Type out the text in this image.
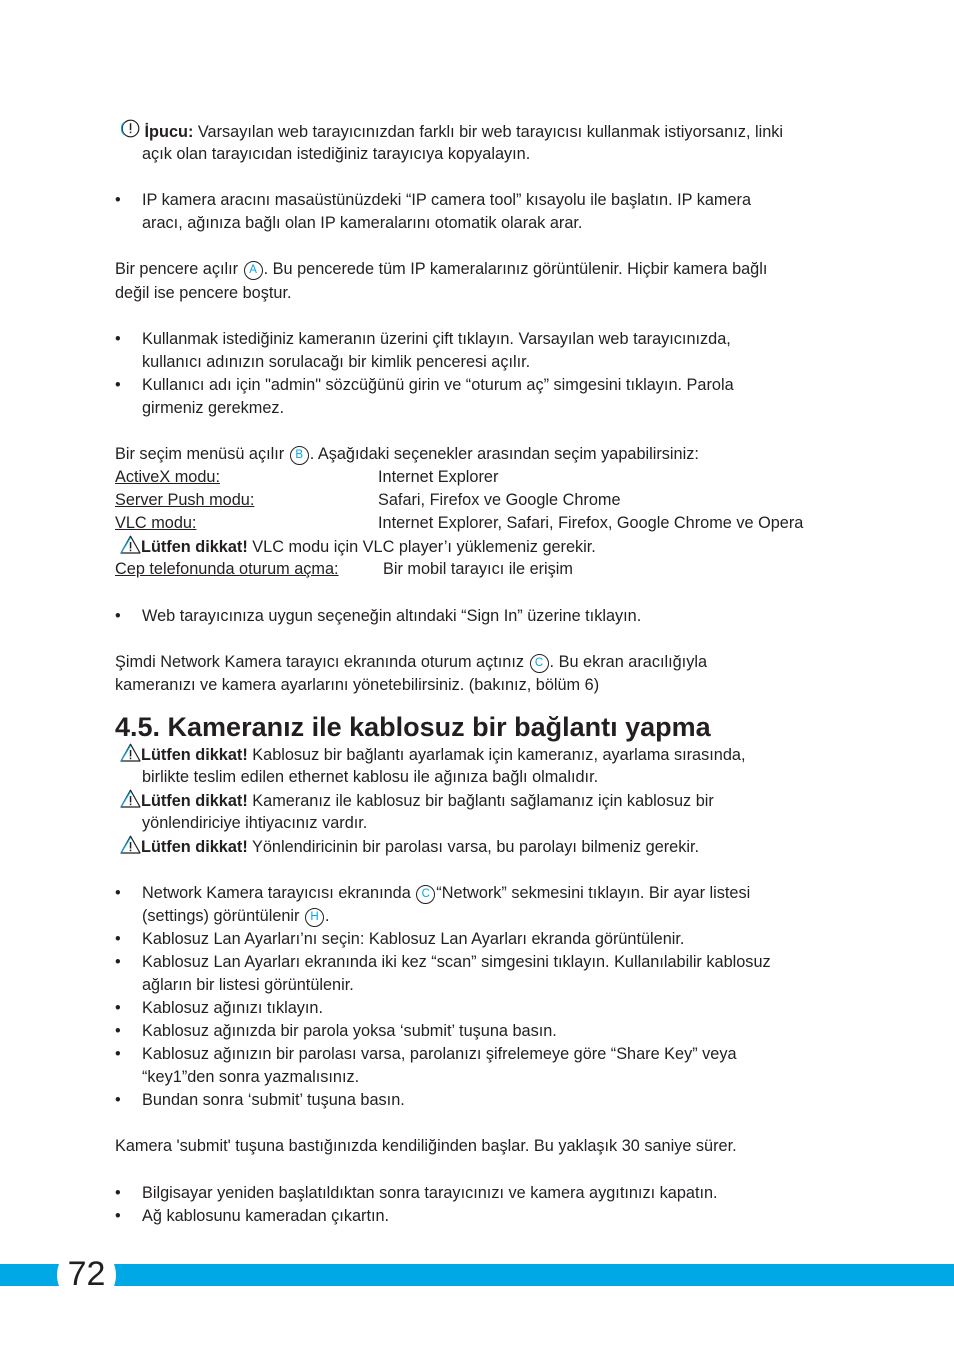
İpucu: Varsayılan web tarayıcınızdan farklı bir web tarayıcısı kullanmak istiyorsanız, linki
açık olan tarayıcıdan istediğiniz tarayıcıya kopyalayın.
• IP kamera aracını masaüstünüzdeki “IP camera tool” kısayolu ile başlatın. IP kamera
aracı, ağınıza bağlı olan IP kameralarını otomatik olarak arar.
Bir pencere açılır A . Bu pencerede tüm IP kameralarınız görüntülenir. Hiçbir kamera bağlı
değil ise pencere boştur.
• Kullanmak istediğiniz kameranın üzerini çift tıklayın. Varsayılan web tarayıcınızda,
kullanıcı adınızın sorulacağı bir kimlik penceresi açılır.
• Kullanıcı adı için "admin" sözcüğünü girin ve “oturum aç” simgesini tıklayın. Parola
girmeniz gerekmez.
Bir seçim menüsü açılır B . Aşağıdaki seçenekler arasından seçim yapabilirsiniz:
ActiveX modu:	Internet Explorer
Server Push modu:	Safari, Firefox ve Google Chrome
VLC modu:	Internet Explorer, Safari, Firefox, Google Chrome ve Opera
Lütfen dikkat! VLC modu için VLC player’ı yüklemeniz gerekir.
Cep telefonunda oturum açma:	Bir mobil tarayıcı ile erişim
• Web tarayıcınıza uygun seçeneğin altındaki “Sign In” üzerine tıklayın.
Şimdi Network Kamera tarayıcı ekranında oturum açtınız C . Bu ekran aracılığıyla
kameranızı ve kamera ayarlarını yönetebilirsiniz. (bakınız, bölüm 6)
4.5. Kameranız ile kablosuz bir bağlantı yapma
Lütfen dikkat! Kablosuz bir bağlantı ayarlamak için kameranız, ayarlama sırasında,
birlikte teslim edilen ethernet kablosu ile ağınıza bağlı olmalıdır.
Lütfen dikkat! Kameranız ile kablosuz bir bağlantı sağlamanız için kablosuz bir
yönlendiriciye ihtiyacınız vardır.
Lütfen dikkat! Yönlendiricinin bir parolası varsa, bu parolayı bilmeniz gerekir.
• Network Kamera tarayıcısı ekranında C “Network” sekmesini tıklayın. Bir ayar listesi
(settings) görüntülenir H .
• Kablosuz Lan Ayarları’nı seçin: Kablosuz Lan Ayarları ekranda görüntülenir.
• Kablosuz Lan Ayarları ekranında iki kez “scan” simgesini tıklayın. Kullanılabilir kablosuz
ağların bir listesi görüntülenir.
• Kablosuz ağınızı tıklayın.
• Kablosuz ağınızda bir parola yoksa ‘submit’ tuşuna basın.
• Kablosuz ağınızın bir parolası varsa, parolanızı şifrelemeye göre “Share Key” veya
“key1”den sonra yazmalısınız.
• Bundan sonra ‘submit’ tuşuna basın.
Kamera 'submit' tuşuna bastığınızda kendiliğinden başlar. Bu yaklaşık 30 saniye sürer.
• Bilgisayar yeniden başlatıldıktan sonra tarayıcınızı ve kamera aygıtınızı kapatın.
• Ağ kablosunu kameradan çıkartın.
72
